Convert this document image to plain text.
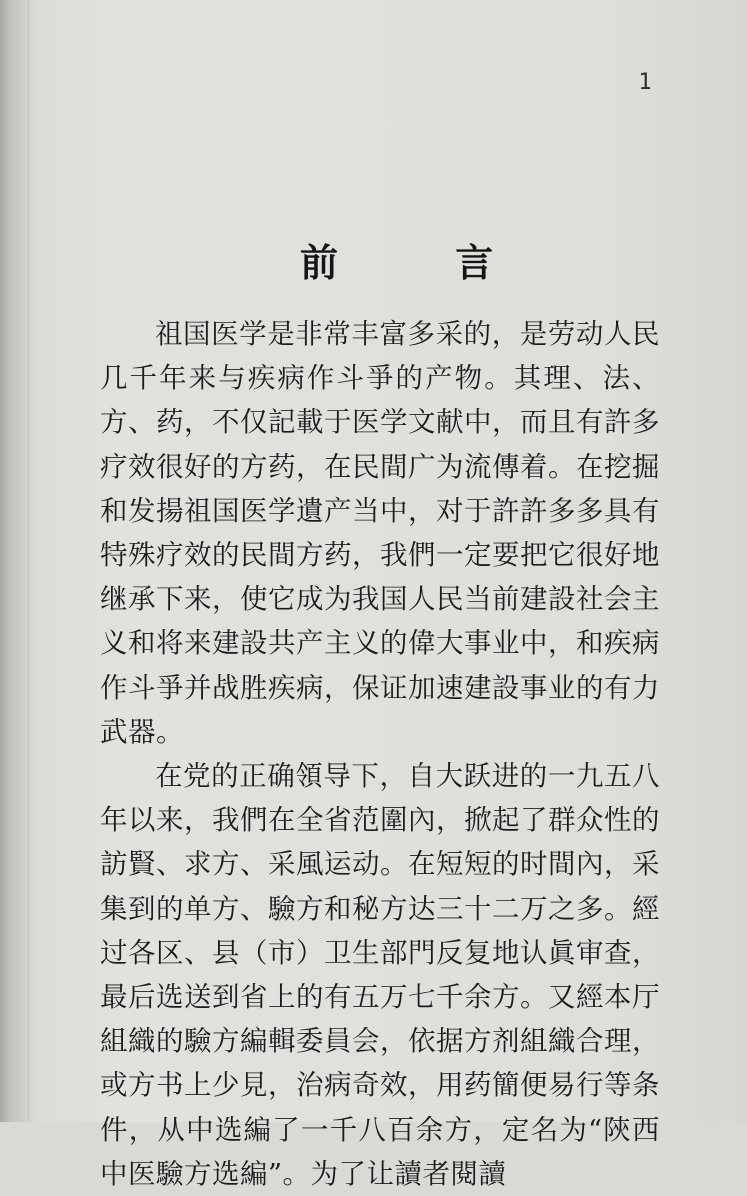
1
前 言

祖国医学是非常丰富多采的，是劳动人民几千年来与疾病作斗爭的产物。其理、法、方、药，不仅記載于医学文献中，而且有許多疗效很好的方药，在民間广为流傳着。在挖掘和发揚祖国医学遺产当中，对于許許多多具有特殊疗效的民間方药，我們一定要把它很好地继承下来，使它成为我国人民当前建設社会主义和将来建設共产主义的偉大事业中，和疾病作斗爭并战胜疾病，保证加速建設事业的有力武器。

在党的正确領导下，自大跃进的一九五八年以来，我們在全省范圍內，掀起了群众性的訪賢、求方、采風运动。在短短的时間內，采集到的单方、驗方和秘方达三十二万之多。經过各区、县（市）卫生部門反复地认眞审查，最后选送到省上的有五万七千余方。又經本厅組織的驗方編輯委員会，依据方剂組織合理，或方书上少見，治病奇效，用药簡便易行等条件，从中选編了一千八百余方，定名为“陝西中医驗方选編”。为了让讀者閱讀
